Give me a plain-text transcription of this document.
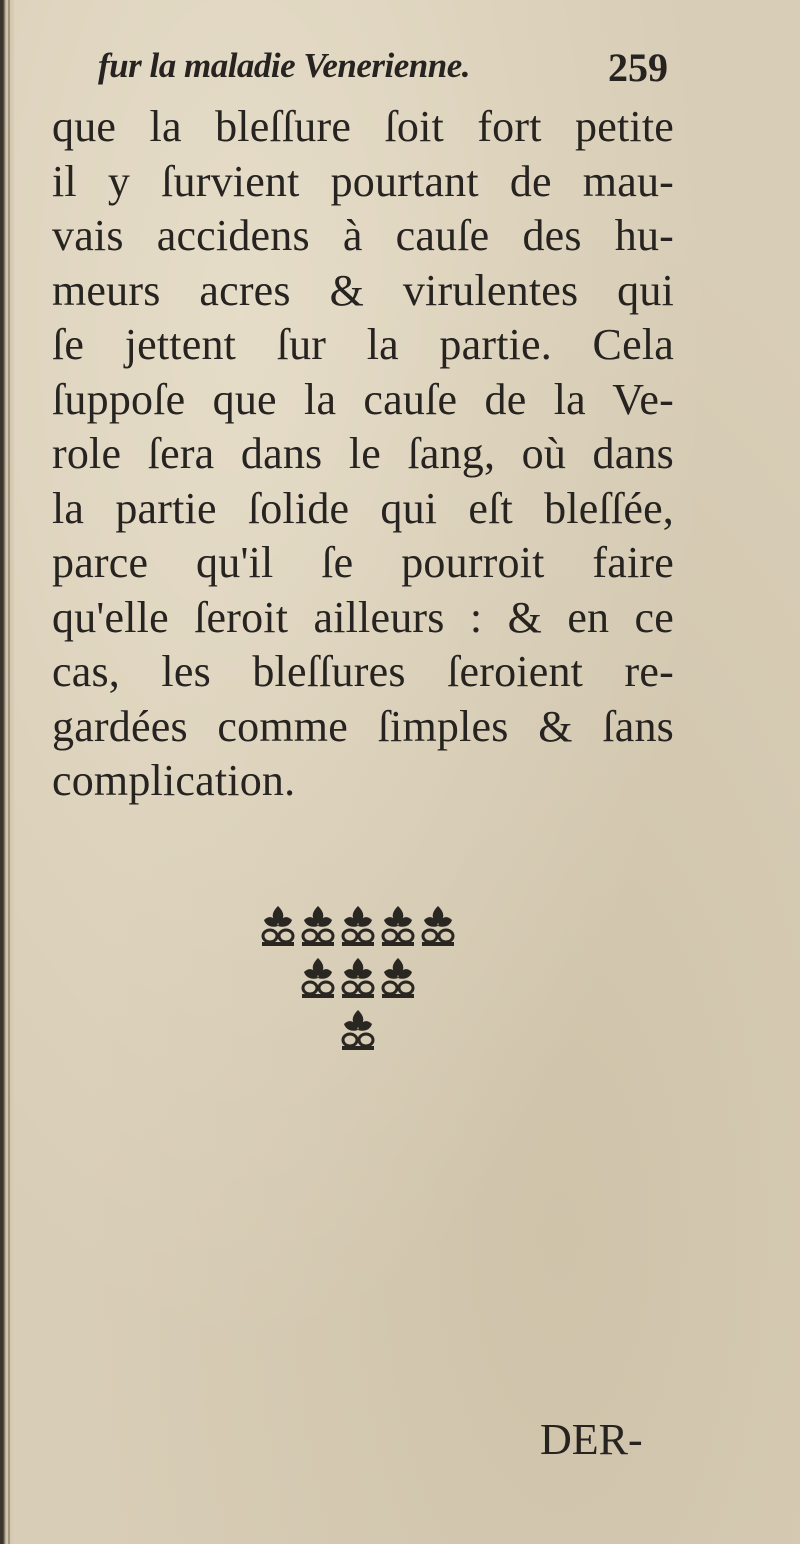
fur la maladie Venerienne.	259
que la bleſſure ſoit fort petite
il y ſurvient pourtant de mau-
vais accidens à cauſe des hu-
meurs acres & virulentes qui
ſe jettent ſur la partie. Cela
ſuppoſe que la cauſe de la Ve-
role ſera dans le ſang, où dans
la partie ſolide qui eſt bleſſée,
parce qu'il ſe pourroit faire
qu'elle ſeroit ailleurs : & en ce
cas, les bleſſures ſeroient re-
gardées comme ſimples & ſans
complication.
DER-
